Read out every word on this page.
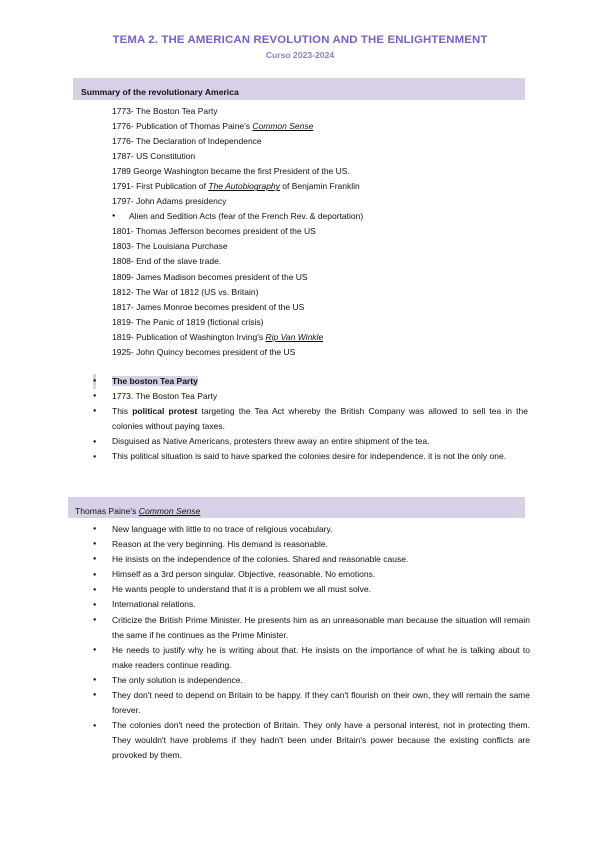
TEMA 2. THE AMERICAN REVOLUTION AND THE ENLIGHTENMENT
Curso 2023-2024
Summary of the revolutionary America
1773- The Boston Tea Party
1776- Publication of Thomas Paine's Common Sense
1776- The Declaration of Independence
1787- US Constitution
1789 George Washington became the first President of the US.
1791- First Publication of The Autobiography of Benjamin Franklin
1797- John Adams presidency
● Alien and Sedition Acts (fear of the French Rev. & deportation)
1801- Thomas Jefferson becomes president of the US
1803- The Louisiana Purchase
1808- End of the slave trade.
1809- James Madison becomes president of the US
1812- The War of 1812 (US vs. Britain)
1817- James Monroe becomes president of the US
1819- The Panic of 1819 (fictional crisis)
1819- Publication of Washington Irving's Rip Van Winkle
1925- John Quincy becomes president of the US
● The boston Tea Party
● 1773. The Boston Tea Party
● This political protest targeting the Tea Act whereby the British Company was allowed to sell tea in the colonies without paying taxes.
● Disguised as Native Americans, protesters threw away an entire shipment of the tea.
● This political situation is said to have sparked the colonies desire for independence. it is not the only one.
Thomas Paine's Common Sense
● New language with little to no trace of religious vocabulary.
● Reason at the very beginning. His demand is reasonable.
● He insists on the independence of the colonies. Shared and reasonable cause.
● Himself as a 3rd person singular. Objective, reasonable. No emotions.
● He wants people to understand that it is a problem we all must solve.
● International relations.
● Criticize the British Prime Minister. He presents him as an unreasonable man because the situation will remain the same if he continues as the Prime Minister.
● He needs to justify why he is writing about that. He insists on the importance of what he is talking about to make readers continue reading.
● The only solution is independence.
● They don't need to depend on Britain to be happy. If they can't flourish on their own, they will remain the same forever.
● The colonies don't need the protection of Britain. They only have a personal interest, not in protecting them. They wouldn't have problems if they hadn't been under Britain's power because the existing conflicts are provoked by them.
